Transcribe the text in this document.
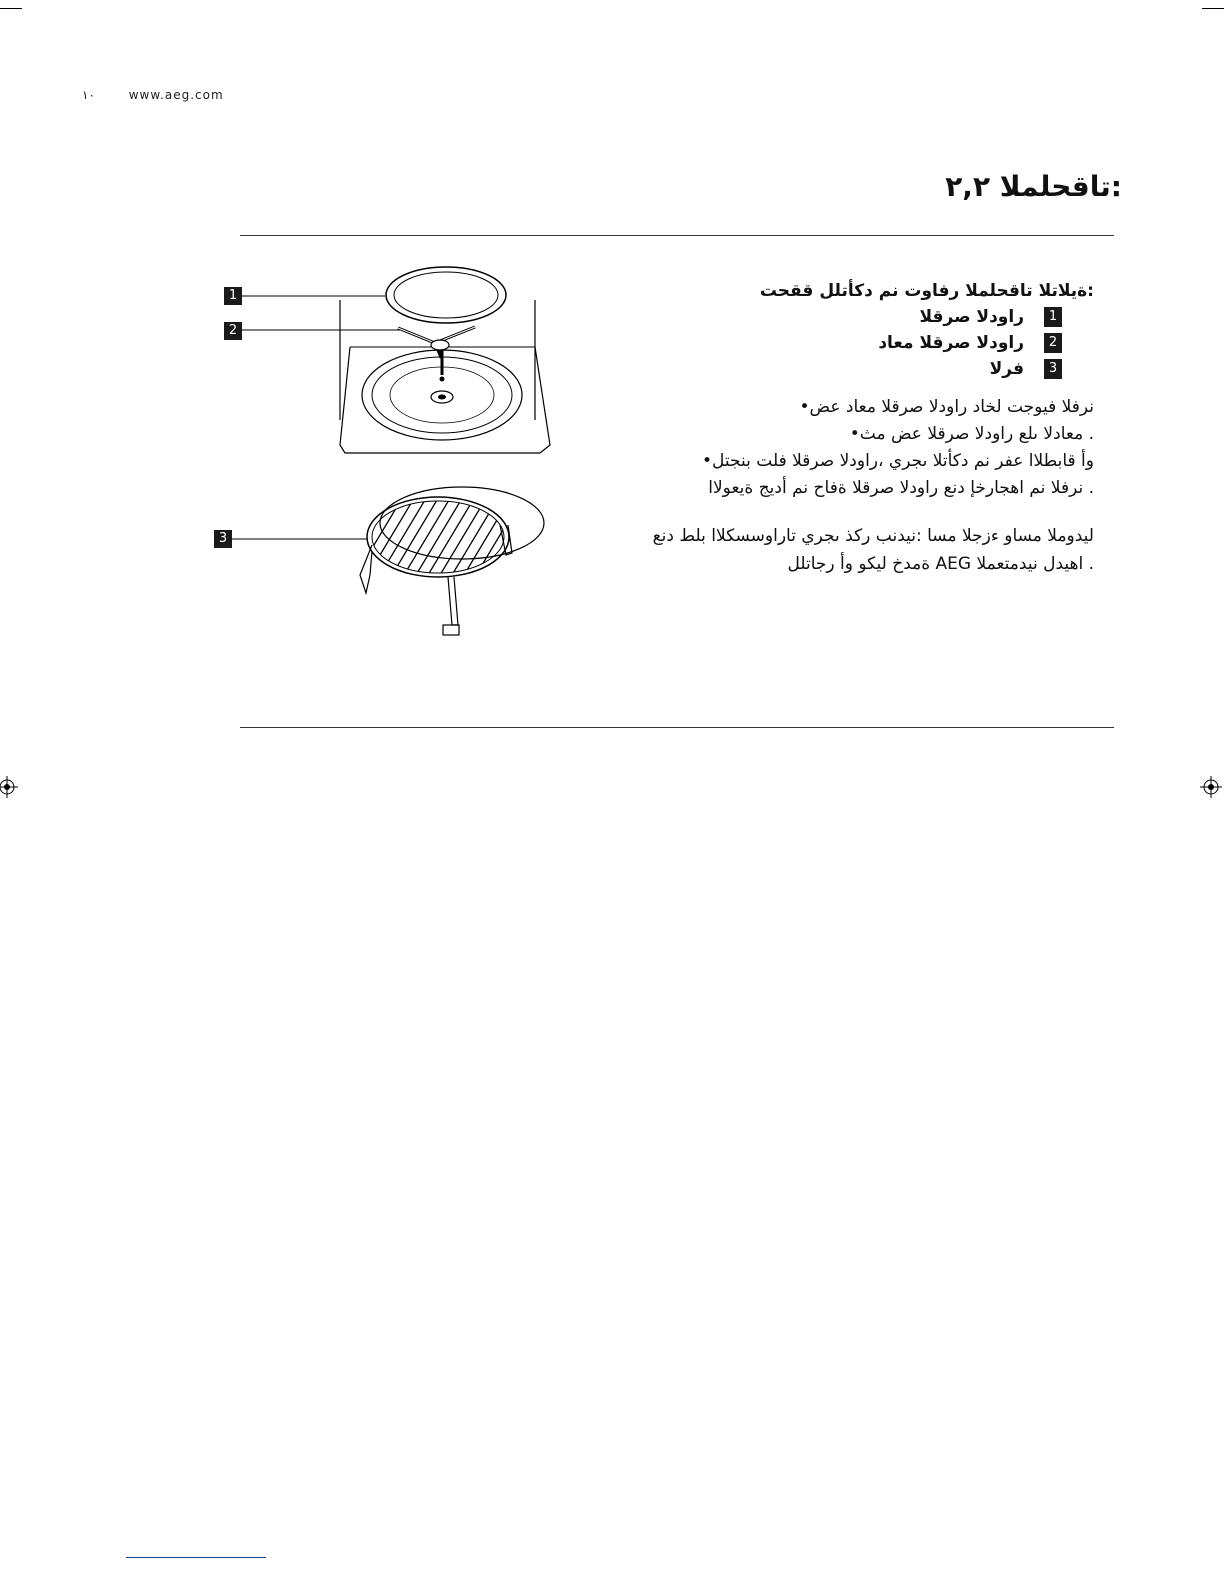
١٠	www.aeg.com
:تاقحلملا ٢,٢
1
2
3
:ةيلاتلا تاقحلملا رفاوت نم دكأتلل ققحت
1
راودلا صرقلا
2
راودلا صرقلا معاد
3
فرلا
نرفلا فيوجت لخاد راودلا صرقلا معاد عض•
. معادلا ىلع راودلا صرقلا عض مث•
وأ قابطلاا عفر نم دكأتلا ىجري ،راودلا صرقلا فلت بنجتل•
. نرفلا نم اهجارخإ دنع راودلا صرقلا ةفاح نم أديج ةيعولاا
ليدوملا مساو ءزجلا مسا :نيدنب ركذ ىجري تاراوسسكلاا بلط دنع
. اهيدل نيدمتعملا AEG ةمدخ ليكو وأ رجاتلل
